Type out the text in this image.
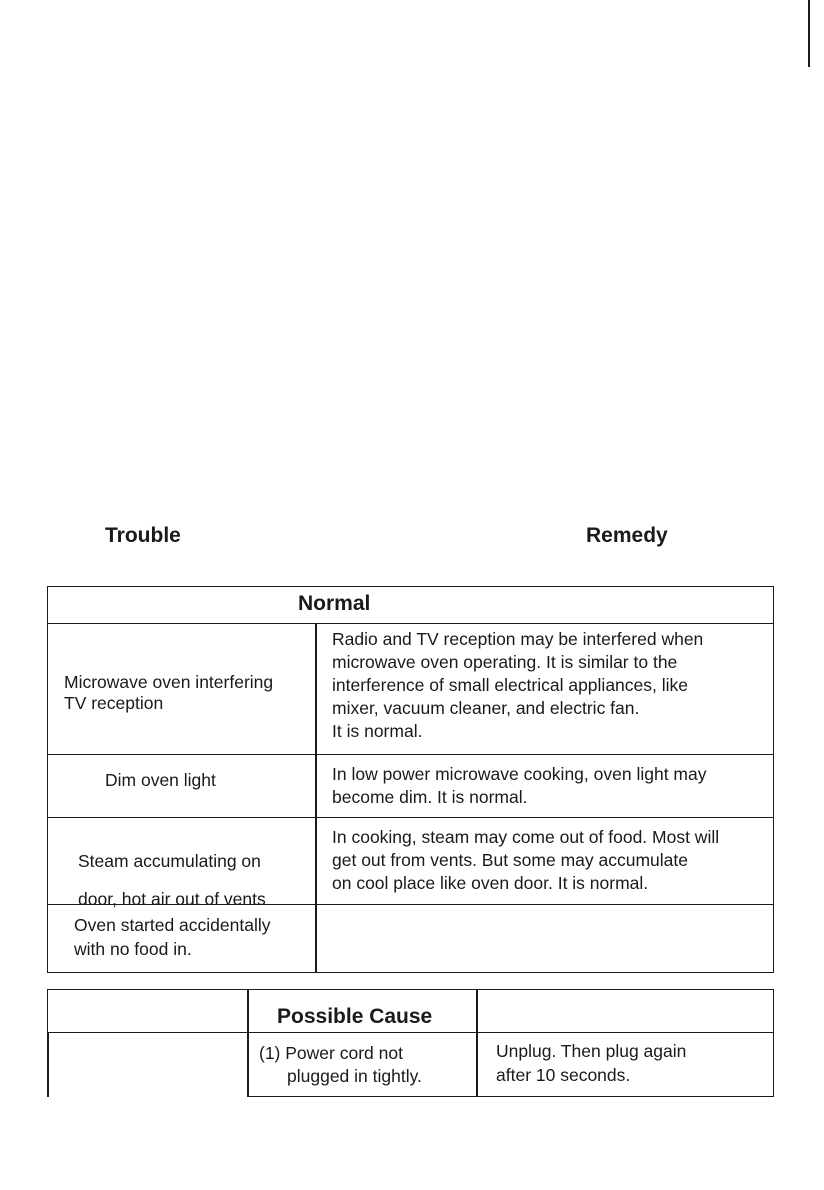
Trouble	Remedy
Normal
Microwave oven interfering
TV reception
Radio and TV reception may be interfered when
microwave oven operating. It is similar to the
interference of small electrical appliances, like
mixer, vacuum cleaner, and electric fan.
It is normal.
Dim oven light	In low power microwave cooking, oven light may
become dim. It is normal.
Steam accumulating on
door, hot air out of vents
In cooking, steam may come out of food. Most will
get out from vents. But some may accumulate
on cool place like oven door. It is normal.
Oven started accidentally
with no food in.
Possible Cause
(1) Power cord not
plugged in tightly.
Unplug. Then plug again
after 10 seconds.
